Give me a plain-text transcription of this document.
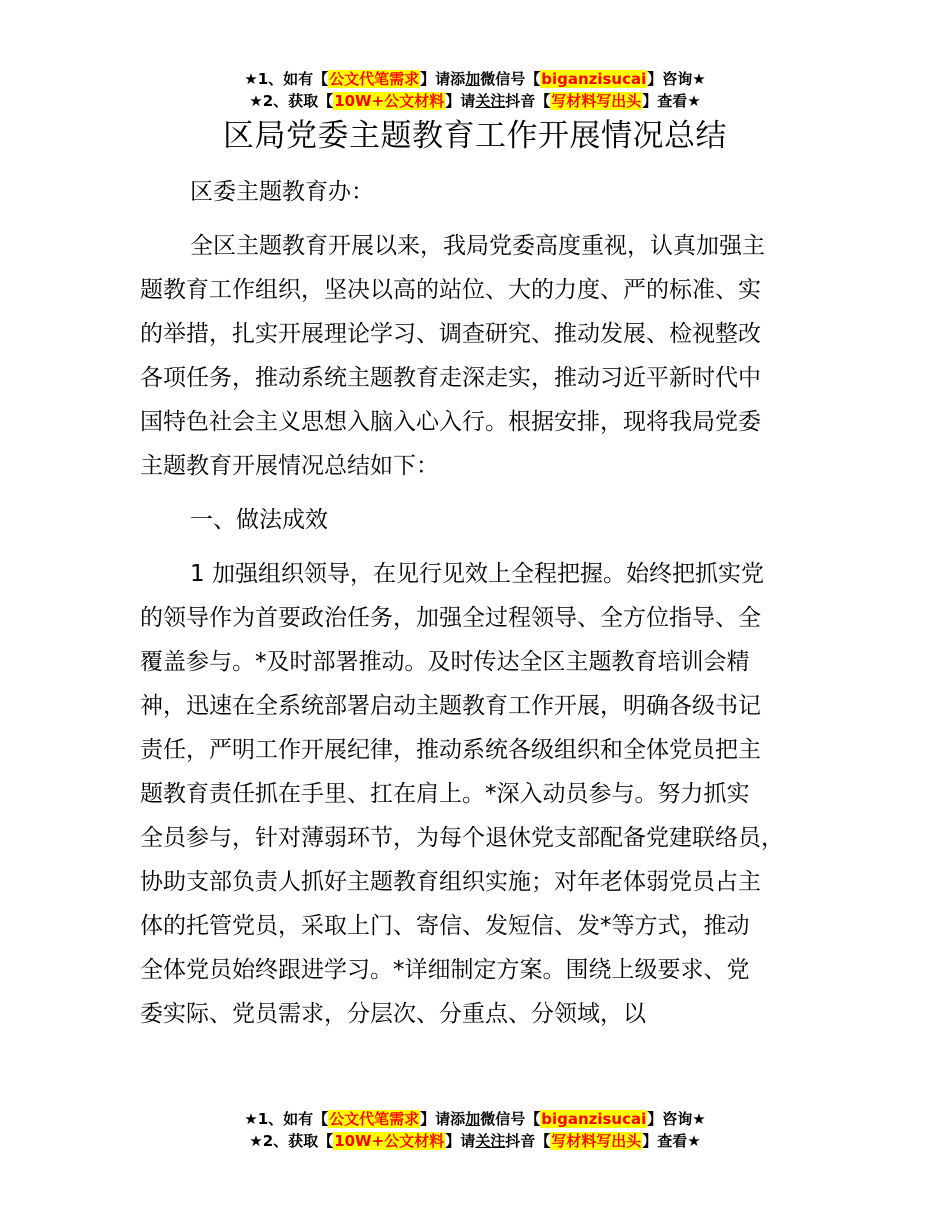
★1、如有【公文代笔需求】请添加微信号【biganzisucai】咨询★
★2、获取【10W+公文材料】请关注抖音【写材料写出头】查看★
区局党委主题教育工作开展情况总结
区委主题教育办：
全区主题教育开展以来，我局党委高度重视，认真加强主
题教育工作组织，坚决以高的站位、大的力度、严的标准、实
的举措，扎实开展理论学习、调查研究、推动发展、检视整改
各项任务，推动系统主题教育走深走实，推动习近平新时代中
国特色社会主义思想入脑入心入行。根据安排，现将我局党委
主题教育开展情况总结如下：
一、做法成效
1 加强组织领导，在见行见效上全程把握。始终把抓实党
的领导作为首要政治任务，加强全过程领导、全方位指导、全
覆盖参与。*及时部署推动。及时传达全区主题教育培训会精
神，迅速在全系统部署启动主题教育工作开展，明确各级书记
责任，严明工作开展纪律，推动系统各级组织和全体党员把主
题教育责任抓在手里、扛在肩上。*深入动员参与。努力抓实
全员参与，针对薄弱环节，为每个退休党支部配备党建联络员，
协助支部负责人抓好主题教育组织实施；对年老体弱党员占主
体的托管党员，采取上门、寄信、发短信、发*等方式，推动
全体党员始终跟进学习。*详细制定方案。围绕上级要求、党
委实际、党员需求，分层次、分重点、分领域，以
★1、如有【公文代笔需求】请添加微信号【biganzisucai】咨询★
★2、获取【10W+公文材料】请关注抖音【写材料写出头】查看★
